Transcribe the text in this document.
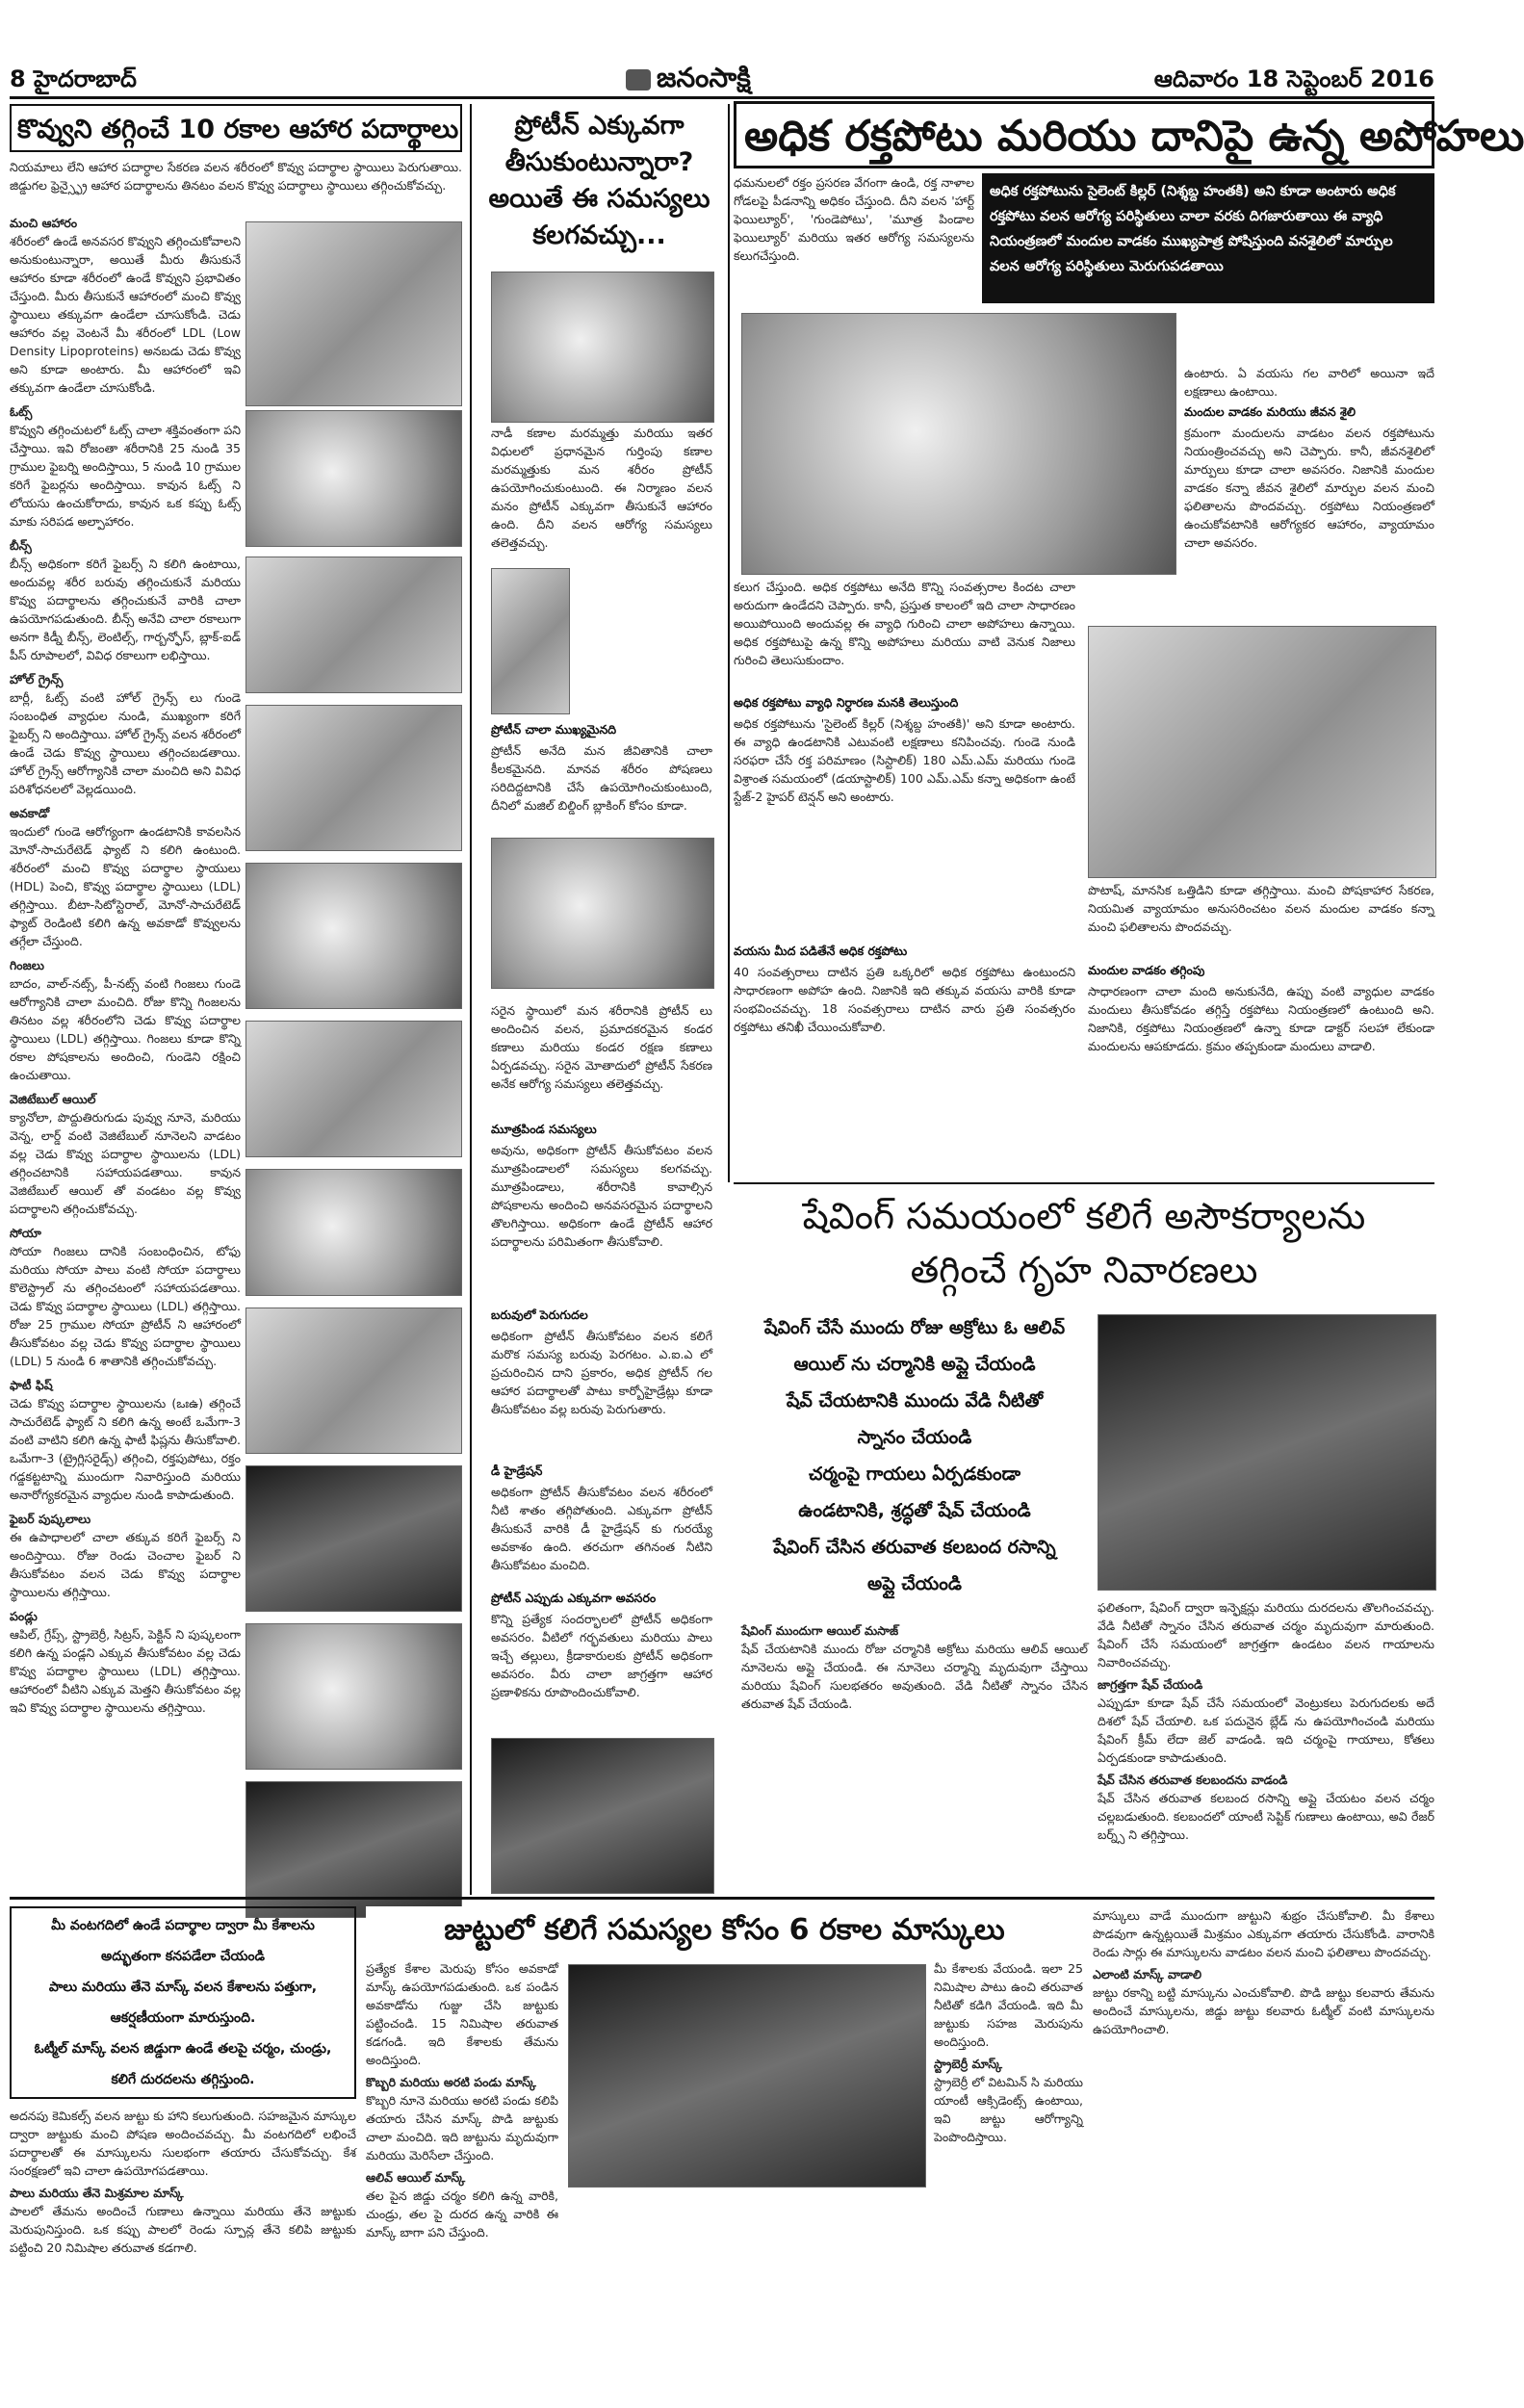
8 హైదరాబాద్	జనంసాక్షి	ఆదివారం 18 సెప్టెంబర్ 2016
కొవ్వుని తగ్గించే 10 రకాల ఆహార పదార్థాలు
నియమాలు లేని ఆహార పదార్ధాల సేకరణ వలన శరీరంలో కొవ్వు పదార్థాల స్థాయిలు పెరుగుతాయి. జిడ్డుగల ఫ్రెన్స్ఫ్రై ఆహార పదార్థాలను తినటం వలన కొవ్వు పదార్థాలు స్థాయిలు తగ్గించుకోవచ్చు.
మంచి ఆహారం

శరీరంలో ఉండే అనవసర కొవ్వుని తగ్గించుకోవాలని అనుకుంటున్నారా, అయితే మీరు తీసుకునే ఆహారం కూడా శరీరంలో ఉండే కొవ్వుని ప్రభావితం చేస్తుంది. మీరు తీసుకునే ఆహారంలో మంచి కొవ్వు స్థాయిలు తక్కువగా ఉండేలా చూసుకోండి. చెడు ఆహారం వల్ల వెంటనే మీ శరీరంలో LDL (Low Density Lipoproteins) అనబడు చెడు కొవ్వు అని కూడా అంటారు. మీ ఆహారంలో ఇవి తక్కువగా ఉండేలా చూసుకోండి.

ఓట్స్

కొవ్వుని తగ్గించుటలో ఓట్స్ చాలా శక్తివంతంగా పని చేస్తాయి. ఇవి రోజంతా శరీరానికి 25 నుండి 35 గ్రాముల ఫైబర్ని అందిస్తాయి, 5 నుండి 10 గ్రాముల కరిగే ఫైబర్లను అందిస్తాయి. కావున ఓట్స్ ని లోయసు ఉంచుకోరాదు, కావున ఒక కప్పు ఓట్స్ మాకు సరిపడ అల్పాహారం.

బీన్స్

బీన్స్ అధికంగా కరిగే ఫైబర్స్ ని కలిగి ఉంటాయి, అందువల్ల శరీర బరువు తగ్గించుకునే మరియు కొవ్వు పదార్థాలను తగ్గించుకునే వారికి చాలా ఉపయోగపడుతుంది. బీన్స్ అనేవి చాలా రకాలుగా అనగా కిడ్నీ బీన్స్, లెంటిల్స్, గార్బన్ఫోస్, బ్లాక్-ఐడ్ పీస్ రూపాలలో, వివిధ రకాలుగా లభిస్తాయి.

హోల్ గ్రైన్స్

బార్లీ, ఓట్స్ వంటి హోల్ గ్రైన్స్ లు గుండె సంబంధిత వ్యాధుల నుండి, ముఖ్యంగా కరిగే ఫైబర్స్ ని అందిస్తాయి. హోల్ గ్రైన్స్ వలన శరీరంలో ఉండే చెడు కొవ్వు స్థాయిలు తగ్గించబడతాయి. హోల్ గ్రైన్స్ ఆరోగ్యానికి చాలా మంచిది అని వివిధ పరిశోధనలలో వెల్లడయింది.

అవకాడో

ఇందులో గుండె ఆరోగ్యంగా ఉండటానికి కావలసిన మోనో-సాచురేటెడ్ ఫ్యాట్ ని కలిగి ఉంటుంది. శరీరంలో మంచి కొవ్వు పదార్థాల స్థాయులు (HDL) పెంచి, కొవ్వు పదార్థాల స్థాయిలు (LDL) తగ్గిస్తాయి. బీటా-సిటోస్టెరాల్, మోనో-సాచురేటెడ్ ఫ్యాట్ రెండింటి కలిగి ఉన్న అవకాడో కొవ్వులను తగ్గేలా చేస్తుంది.

గింజలు

బాదం, వాల్-నట్స్, పీ-నట్స్ వంటి గింజలు గుండె ఆరోగ్యానికి చాలా మంచిది. రోజు కొన్ని గింజలను తినటం వల్ల శరీరంలోని చెడు కొవ్వు పదార్థాల స్థాయిలు (LDL) తగ్గిస్తాయి. గింజలు కూడా కొన్ని రకాల పోషకాలను అందించి, గుండెని రక్షించి ఉంచుతాయి.

వెజిటేబుల్ ఆయిల్

క్యానోలా, పొద్దుతిరుగుడు పువ్వు నూనె, మరియు వెన్న, లార్డ్ వంటి వెజిటేబుల్ నూనెలని వాడటం వల్ల చెడు కొవ్వు పదార్థాల స్థాయిలను (LDL) తగ్గించటానికి సహాయపడతాయి. కావున వెజిటేబుల్ ఆయిల్ తో వండటం వల్ల కొవ్వు పదార్థాలని తగ్గించుకోవచ్చు.

సోయా

సోయా గింజలు దానికి సంబంధించిన, టోఫు మరియు సోయా పాలు వంటి సోయా పదార్థాలు కొలెస్ట్రాల్ ను తగ్గించటంలో సహాయపడతాయి. చెడు కొవ్వు పదార్థాల స్థాయిలు (LDL) తగ్గిస్తాయి. రోజు 25 గ్రాముల సోయా ప్రోటీన్ ని ఆహారంలో తీసుకోవటం వల్ల చెడు కొవ్వు పదార్థాల స్థాయిలు (LDL) 5 నుండి 6 శాతానికి తగ్గించుకోవచ్చు.

ఫాటీ ఫిష్

చెడు కొవ్వు పదార్థాల స్థాయిలను (ఒఃఉ) తగ్గించే సాచురేటెడ్ ఫ్యాట్ ని కలిగి ఉన్న అంటే ఒమేగా-3 వంటి వాటిని కలిగి ఉన్న ఫాటీ ఫిష్లను తీసుకోవాలి. ఒమేగా-3 (ట్రైగ్లిసరైడ్స్) తగ్గించి, రక్తపుపోటు, రక్తం గడ్డకట్టటాన్ని ముందుగా నివారిస్తుంది మరియు అనారోగ్యకరమైన వ్యాధుల నుండి కాపాడుతుంది.

ఫైబర్ పుష్కలాలు

ఈ ఉపాధాలలో చాలా తక్కువ కరిగే ఫైబర్స్ ని అందిస్తాయి. రోజు రెండు చెంచాల ఫైబర్ ని తీసుకోవటం వలన చెడు కొవ్వు పదార్థాల స్థాయిలను తగ్గిస్తాయి.

పండ్లు

ఆపిల్, గ్రేప్స్, స్ట్రాబెర్రీ, సిట్రస్, పెక్టిన్ ని పుష్కలంగా కలిగి ఉన్న పండ్లని ఎక్కువ తీసుకోవటం వల్ల చెడు కొవ్వు పదార్థాల స్థాయిలు (LDL) తగ్గిస్తాయి. ఆహారంలో వీటిని ఎక్కువ మెత్తని తీసుకోవటం వల్ల ఇవి కొవ్వు పదార్థాల స్థాయిలను తగ్గిస్తాయి.

ప్రోటీన్ ఎక్కువగా
తీసుకుంటున్నారా?
అయితే ఈ సమస్యలు
కలగవచ్చు...
నాడీ కణాల మరమ్మత్తు మరియు ఇతర విధులలో ప్రధానమైన గుర్తింపు కణాల మరమ్మత్తుకు మన శరీరం ప్రోటీన్ ఉపయోగించుకుంటుంది. ఈ నిర్మాణం వలన మనం ప్రోటీన్ ఎక్కువగా తీసుకునే ఆహారం ఉంది. దీని వలన ఆరోగ్య సమస్యలు తలెత్తవచ్చు.
ప్రోటీన్ చాలా ముఖ్యమైనది
ప్రోటీన్ అనేది మన జీవితానికి చాలా కీలకమైనది. మానవ శరీరం పోషణలు సరిదిద్దటానికి చేసే ఉపయోగించుకుంటుంది, దీనిలో మజిల్ బిల్డింగ్ బ్లాకింగ్ కోసం కూడా.
సరైన స్థాయిలో మన శరీరానికి ప్రోటీన్ లు అందించిన వలన, ప్రమాదకరమైన కండర కణాలు మరియు కండర రక్షణ కణాలు ఏర్పడవచ్చు. సరైన మోతాదులో ప్రోటీన్ సేకరణ అనేక ఆరోగ్య సమస్యలు తలెత్తవచ్చు.
మూత్రపిండ సమస్యలు
అవును, అధికంగా ప్రోటీన్ తీసుకోవటం వలన మూత్రపిండాలలో సమస్యలు కలగవచ్చు. మూత్రపిండాలు, శరీరానికి కావాల్సిన పోషకాలను అందించి అనవసరమైన పదార్థాలని తొలగిస్తాయి. అధికంగా ఉండే ప్రోటీన్ ఆహార పదార్థాలను పరిమితంగా తీసుకోవాలి.
బరువులో పెరుగుదల
అధికంగా ప్రోటీన్ తీసుకోవటం వలన కలిగే మరొక సమస్య బరువు పెరగటం. ఎ.ఐ.ఎ లో ప్రచురించిన దాని ప్రకారం, అధిక ప్రోటీన్ గల ఆహార పదార్థాలతో పాటు కార్బోహైడ్రేట్లు కూడా తీసుకోవటం వల్ల బరువు పెరుగుతారు.
డీ హైడ్రేషన్
అధికంగా ప్రోటీన్ తీసుకోవటం వలన శరీరంలో నీటి శాతం తగ్గిపోతుంది. ఎక్కువగా ప్రోటీన్ తీసుకునే వారికి డీ హైడ్రేషన్ కు గురయ్యే అవకాశం ఉంది. తరచుగా తగినంత నీటిని తీసుకోవటం మంచిది.
ప్రోటీన్ ఎప్పుడు ఎక్కువగా అవసరం
కొన్ని ప్రత్యేక సందర్భాలలో ప్రోటీన్ అధికంగా అవసరం. వీటిలో గర్భవతులు మరియు పాలు ఇచ్చే తల్లులు, క్రీడాకారులకు ప్రోటీన్ అధికంగా అవసరం. వీరు చాలా జాగ్రత్తగా ఆహార ప్రణాళికను రూపొందించుకోవాలి.
అధిక రక్తపోటు మరియు దానిపై ఉన్న అపోహలు
ధమనులలో రక్తం ప్రసరణ వేగంగా ఉండి, రక్త నాళాల గోడలపై పీడనాన్ని అధికం చేస్తుంది. దీని వలన 'హార్ట్ ఫెయిల్యూర్', 'గుండెపోటు', 'మూత్ర పిండాల ఫెయిల్యూర్' మరియు ఇతర ఆరోగ్య సమస్యలను కలుగచేస్తుంది.
అధిక రక్తపోటును సైలెంట్ కిల్లర్ (నిశ్శబ్ద హంతకి) అని కూడా అంటారు అధిక రక్తపోటు వలన ఆరోగ్య పరిస్థితులు చాలా వరకు దిగజారుతాయి ఈ వ్యాధి నియంత్రణలో మందుల వాడకం ముఖ్యపాత్ర పోషిస్తుంది వనశైలిలో మార్పుల వలన ఆరోగ్య పరిస్థితులు మెరుగుపడతాయి
కలుగ చేస్తుంది. అధిక రక్తపోటు అనేది కొన్ని సంవత్సరాల కిందట చాలా అరుదుగా ఉండేదని చెప్పారు. కానీ, ప్రస్తుత కాలంలో ఇది చాలా సాధారణం అయిపోయింది అందువల్ల ఈ వ్యాధి గురించి చాలా అపోహలు ఉన్నాయి. అధిక రక్తపోటుపై ఉన్న కొన్ని అపోహలు మరియు వాటి వెనుక నిజాలు గురించి తెలుసుకుందాం.
అధిక రక్తపోటు వ్యాధి నిర్ధారణ మనకి తెలుస్తుంది
అధిక రక్తపోటును 'సైలెంట్ కిల్లర్ (నిశ్శబ్ద హంతకి)' అని కూడా అంటారు. ఈ వ్యాధి ఉండటానికి ఎటువంటి లక్షణాలు కనిపించవు. గుండె నుండి సరఫరా చేసే రక్త పరిమాణం (సిస్టాలిక్) 180 ఎమ్.ఎమ్ మరియు గుండె విశ్రాంత సమయంలో (డయాస్టాలిక్) 100 ఎమ్.ఎమ్ కన్నా అధికంగా ఉంటే స్టేజ్-2 హైపర్ టెన్షన్ అని అంటారు.
వయసు మీద పడితేనే అధిక రక్తపోటు
40 సంవత్సరాలు దాటిన ప్రతి ఒక్కరిలో అధిక రక్తపోటు ఉంటుందని సాధారణంగా అపోహ ఉంది. నిజానికి ఇది తక్కువ వయసు వారికి కూడా సంభవించవచ్చు. 18 సంవత్సరాలు దాటిన వారు ప్రతి సంవత్సరం రక్తపోటు తనిఖీ చేయించుకోవాలి.
ఉంటారు. ఏ వయసు గల వారిలో అయినా ఇదే లక్షణాలు ఉంటాయి.
మందుల వాడకం మరియు జీవన శైలి
క్రమంగా మందులను వాడటం వలన రక్తపోటును నియంత్రించవచ్చు అని చెప్పారు. కానీ, జీవనశైలిలో మార్పులు కూడా చాలా అవసరం. నిజానికి మందుల వాడకం కన్నా జీవన శైలిలో మార్పుల వలన మంచి ఫలితాలను పొందవచ్చు. రక్తపోటు నియంత్రణలో ఉంచుకోవటానికి ఆరోగ్యకర ఆహారం, వ్యాయామం చాలా అవసరం.
పొటాష్, మానసిక ఒత్తిడిని కూడా తగ్గిస్తాయి. మంచి పోషకాహార సేకరణ, నియమిత వ్యాయామం అనుసరించటం వలన మందుల వాడకం కన్నా మంచి ఫలితాలను పొందవచ్చు.
మందుల వాడకం తగ్గింపు
సాధారణంగా చాలా మంది అనుకునేది, ఉప్పు వంటి వ్యాధుల వాడకం మందులు తీసుకోవడం తగ్గిస్తే రక్తపోటు నియంత్రణలో ఉంటుంది అని. నిజానికి, రక్తపోటు నియంత్రణలో ఉన్నా కూడా డాక్టర్ సలహా లేకుండా మందులను ఆపకూడదు. క్రమం తప్పకుండా మందులు వాడాలి.
షేవింగ్ సమయంలో కలిగే అసౌకర్యాలను
తగ్గించే గృహ నివారణలు
షేవింగ్ చేసే ముందు రోజు అక్రోటు ఓ ఆలివ్
ఆయిల్ ను చర్మానికి అప్లై చేయండి
షేవ్ చేయటానికి ముందు వేడి నీటితో
స్నానం చేయండి
చర్మంపై గాయలు ఏర్పడకుండా
ఉండటానికి, శ్రద్ధతో షేవ్ చేయండి
షేవింగ్ చేసిన తరువాత కలబంద రసాన్ని
అప్లై చేయండి
షేవింగ్ ముందుగా ఆయిల్ మసాజ్

షేవ్ చేయటానికి ముందు రోజు చర్మానికి అక్రోటు మరియు ఆలివ్ ఆయిల్ నూనెలను అప్లై చేయండి. ఈ నూనెలు చర్మాన్ని మృదువుగా చేస్తాయి మరియు షేవింగ్ సులభతరం అవుతుంది. వేడి నీటితో స్నానం చేసిన తరువాత షేవ్ చేయండి.

ఫలితంగా, షేవింగ్ ద్వారా ఇన్ఫెక్షన్లు మరియు దురదలను తొలగించవచ్చు. వేడి నీటితో స్నానం చేసిన తరువాత చర్మం మృదువుగా మారుతుంది. షేవింగ్ చేసే సమయంలో జాగ్రత్తగా ఉండటం వలన గాయాలను నివారించవచ్చు.

జాగ్రత్తగా షేవ్ చేయండి

ఎప్పుడూ కూడా షేవ్ చేసే సమయంలో వెంట్రుకలు పెరుగుదలకు అదే దిశలో షేవ్ చేయాలి. ఒక పదునైన బ్లేడ్ ను ఉపయోగించండి మరియు షేవింగ్ క్రీమ్ లేదా జెల్ వాడండి. ఇది చర్మంపై గాయాలు, కోతలు ఏర్పడకుండా కాపాడుతుంది.

షేవ్ చేసిన తరువాత కలబందను వాడండి

షేవ్ చేసిన తరువాత కలబంద రసాన్ని అప్లై చేయటం వలన చర్మం చల్లబడుతుంది. కలబందలో యాంటీ సెప్టిక్ గుణాలు ఉంటాయి, అవి రేజర్ బర్న్స్ ని తగ్గిస్తాయి.

మీ వంటగదిలో ఉండే పదార్థాల ద్వారా మీ కేశాలను
అద్భుతంగా కనపడేలా చేయండి
పాలు మరియు తేనె మాస్క్ వలన కేశాలను పత్తుగా,
ఆకర్షణీయంగా మారుస్తుంది.
ఓట్మీల్ మాస్క్ వలన జిడ్డుగా ఉండే తలపై చర్మం, చుండ్రు,
కలిగే దురదలను తగ్గిస్తుంది.
జుట్టులో కలిగే సమస్యల కోసం 6 రకాల మాస్కులు

అదనపు కెమికల్స్ వలన జుట్టు కు హాని కలుగుతుంది. సహజమైన మాస్కుల ద్వారా జుట్టుకు మంచి పోషణ అందించవచ్చు. మీ వంటగదిలో లభించే పదార్థాలతో ఈ మాస్కులను సులభంగా తయారు చేసుకోవచ్చు. కేశ సంరక్షణలో ఇవి చాలా ఉపయోగపడతాయి.

పాలు మరియు తేనె మిశ్రమాల మాస్క్

పాలలో తేమను అందించే గుణాలు ఉన్నాయి మరియు తేనె జుట్టుకు మెరుపునిస్తుంది. ఒక కప్పు పాలలో రెండు స్పూన్ల తేనె కలిపి జుట్టుకు పట్టించి 20 నిమిషాల తరువాత కడగాలి.

ప్రత్యేక కేశాల మెరుపు కోసం అవకాడో మాస్క్ ఉపయోగపడుతుంది. ఒక పండిన అవకాడోను గుజ్జు చేసి జుట్టుకు పట్టించండి. 15 నిమిషాల తరువాత కడగండి. ఇది కేశాలకు తేమను అందిస్తుంది.

కొబ్బరి మరియు అరటి పండు మాస్క్

కొబ్బరి నూనె మరియు అరటి పండు కలిపి తయారు చేసిన మాస్క్ పొడి జుట్టుకు చాలా మంచిది. ఇది జుట్టును మృదువుగా మరియు మెరిసేలా చేస్తుంది.

ఆలివ్ ఆయిల్ మాస్క్

తల పైన జిడ్డు చర్మం కలిగి ఉన్న వారికి, చుండ్రు, తల పై దురద ఉన్న వారికి ఈ మాస్క్ బాగా పని చేస్తుంది.

మీ కేశాలకు వేయండి. ఇలా 25 నిమిషాల పాటు ఉంచి తరువాత నీటితో కడిగి వేయండి. ఇది మీ జుట్టుకు సహజ మెరుపును అందిస్తుంది.

స్ట్రాబెర్రీ మాస్క్

స్ట్రాబెర్రీ లో విటమిన్ సి మరియు యాంటీ ఆక్సిడెంట్స్ ఉంటాయి, ఇవి జుట్టు ఆరోగ్యాన్ని పెంపొందిస్తాయి.

మాస్కులు వాడే ముందుగా జుట్టుని శుభ్రం చేసుకోవాలి. మీ కేశాలు పొడవుగా ఉన్నట్లయితే మిశ్రమం ఎక్కువగా తయారు చేసుకోండి. వారానికి రెండు సార్లు ఈ మాస్కులను వాడటం వలన మంచి ఫలితాలు పొందవచ్చు.

ఎలాంటి మాస్క్ వాడాలి

జుట్టు రకాన్ని బట్టి మాస్కును ఎంచుకోవాలి. పొడి జుట్టు కలవారు తేమను అందించే మాస్కులను, జిడ్డు జుట్టు కలవారు ఓట్మీల్ వంటి మాస్కులను ఉపయోగించాలి.
